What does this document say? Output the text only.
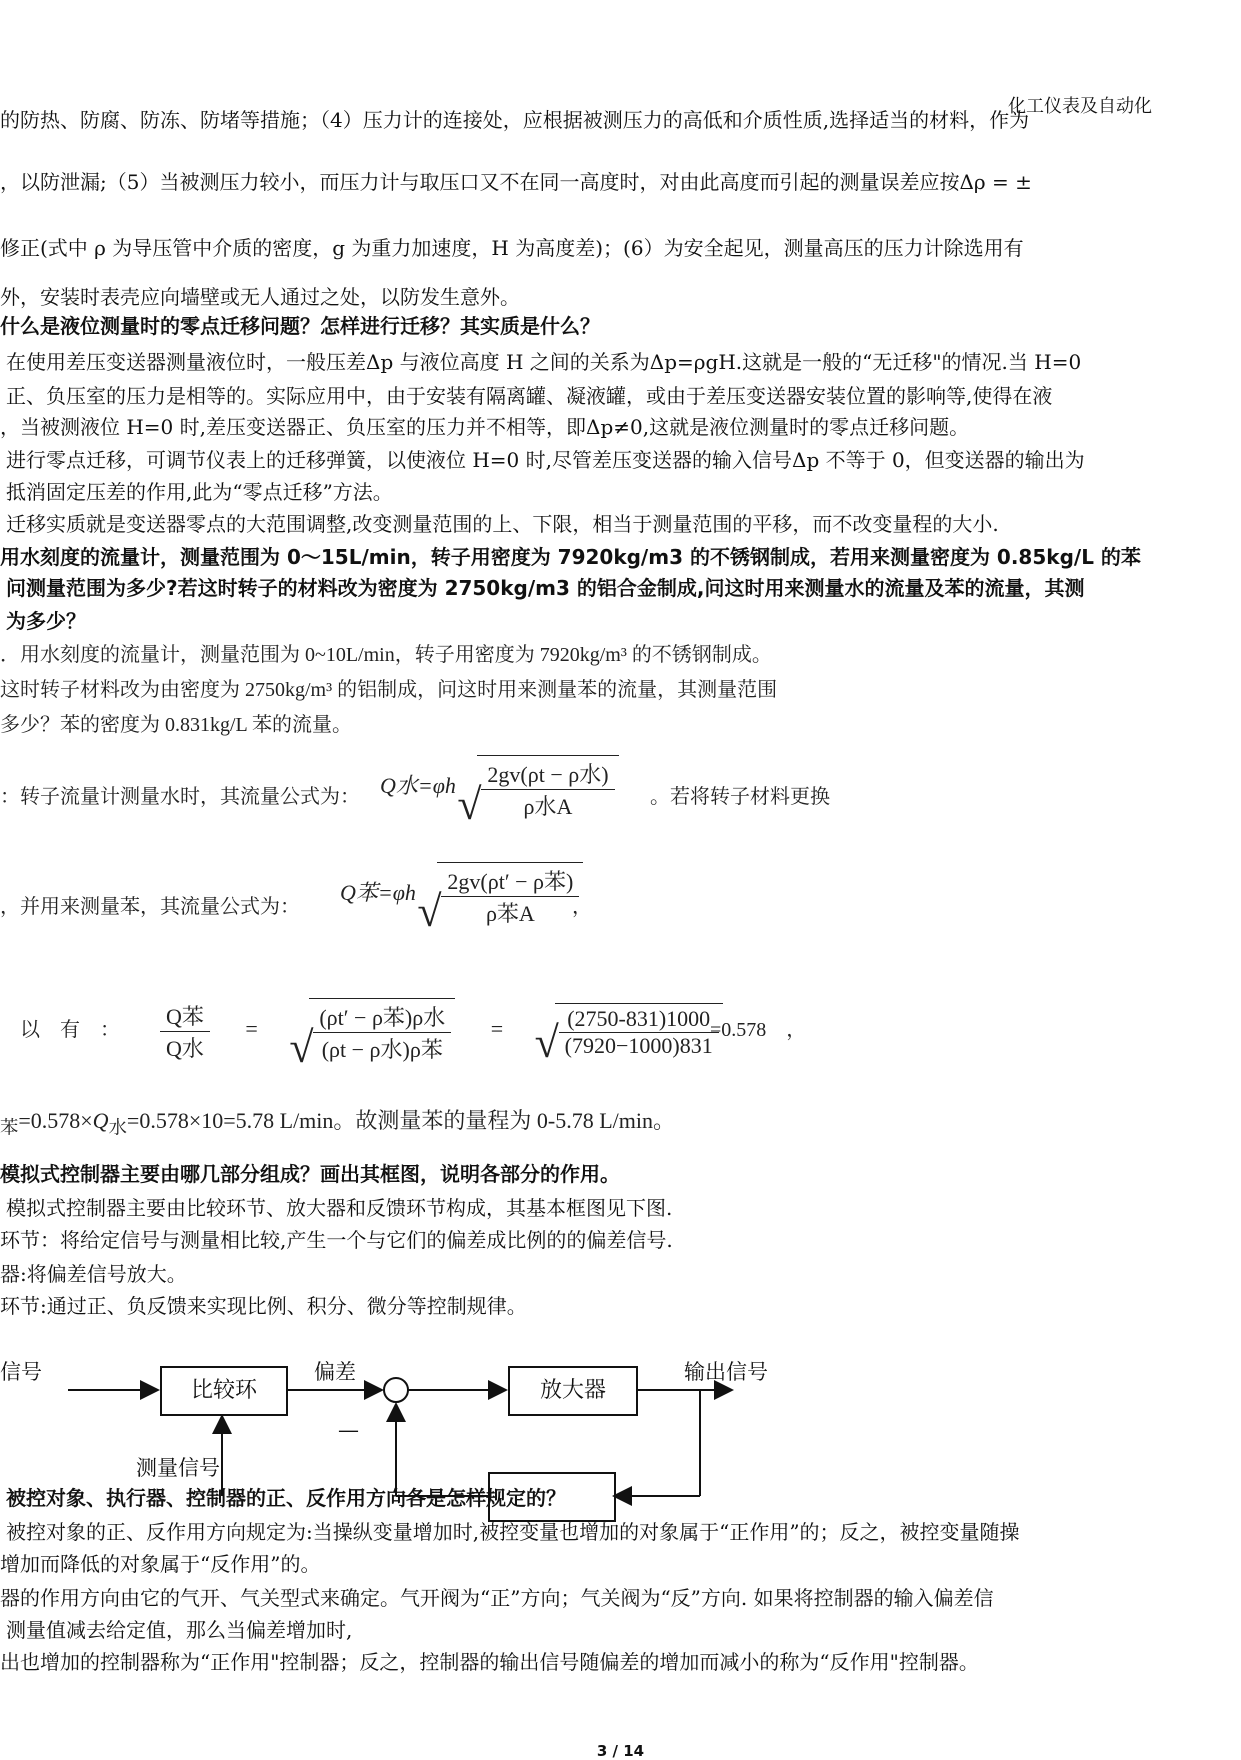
化工仪表及自动化
的防热、防腐、防冻、防堵等措施；（4）压力计的连接处，应根据被测压力的高低和介质性质,选择适当的材料，作为
，以防泄漏;（5）当被测压力较小，而压力计与取压口又不在同一高度时，对由此高度而引起的测量误差应按Δρ = ±
修正(式中 ρ 为导压管中介质的密度，g 为重力加速度，H 为高度差)；(6）为安全起见，测量高压的压力计除选用有
外，安装时表壳应向墙壁或无人通过之处，以防发生意外。
什么是液位测量时的零点迁移问题？怎样进行迁移？其实质是什么？
在使用差压变送器测量液位时，一般压差Δp 与液位高度 H 之间的关系为Δp=ρgH.这就是一般的“无迁移"的情况.当 H=0
正、负压室的压力是相等的。实际应用中，由于安装有隔离罐、凝液罐，或由于差压变送器安装位置的影响等,使得在液
，当被测液位 H=0 时,差压变送器正、负压室的压力并不相等，即Δp≠0,这就是液位测量时的零点迁移问题。
进行零点迁移，可调节仪表上的迁移弹簧，以使液位 H=0 时,尽管差压变送器的输入信号Δp 不等于 0，但变送器的输出为
抵消固定压差的作用,此为“零点迁移”方法。
迁移实质就是变送器零点的大范围调整,改变测量范围的上、下限，相当于测量范围的平移，而不改变量程的大小.
用水刻度的流量计，测量范围为 0～15L/min，转子用密度为 7920kg/m3 的不锈钢制成，若用来测量密度为 0.85kg/L 的苯
问测量范围为多少?若这时转子的材料改为密度为 2750kg/m3 的铝合金制成,问这时用来测量水的流量及苯的流量，其测
为多少？
．用水刻度的流量计，测量范围为 0~10L/min，转子用密度为 7920kg/m³ 的不锈钢制成。
这时转子材料改为由密度为 2750kg/m³ 的铝制成，问这时用来测量苯的流量，其测量范围
多少？苯的密度为 0.831kg/L 苯的流量。
：转子流量计测量水时，其流量公式为： Q水=φh √ $\frac{\text{2gv(ρt − ρ水)}}{\text{ρ水A}}$ 。若将转子材料更换
，并用来测量苯，其流量公式为：
Q苯=φh √ $\frac{\text{2gv(ρt′ − ρ苯)}}{\text{ρ苯A}}$
，
以　有　： $\frac{\text{Q苯}}{\text{Q水}}$ =	√ $\frac{\text{(ρt′ − ρ苯)ρ水}}{\text{(ρt − ρ水)ρ苯}}$ =	√ $\frac{(2750-831)1000}{(7920-1000)831}$
=0.578　，
$_苯=0.578\times Q_水=0.578\times 10=5.78$ L/min。故测量苯的量程为 0-5.78 L/min。
模拟式控制器主要由哪几部分组成？画出其框图，说明各部分的作用。
模拟式控制器主要由比较环节、放大器和反馈环节构成，其基本框图见下图.
环节：将给定信号与测量相比较,产生一个与它们的偏差成比例的的偏差信号.
器:将偏差信号放大。
环节:通过正、负反馈来实现比例、积分、微分等控制规律。
信号
比较环
偏差
放大器
输出信号
—
测量信号
被控对象、执行器、控制器的正、反作用方向各是怎样规定的？
被控对象的正、反作用方向规定为:当操纵变量增加时,被控变量也增加的对象属于“正作用”的；反之，被控变量随操
增加而降低的对象属于“反作用”的。
器的作用方向由它的气开、气关型式来确定。气开阀为“正”方向；气关阀为“反”方向. 如果将控制器的输入偏差信
测量值减去给定值，那么当偏差增加时,
出也增加的控制器称为“正作用"控制器；反之，控制器的输出信号随偏差的增加而减小的称为“反作用"控制器。
3 / 14
